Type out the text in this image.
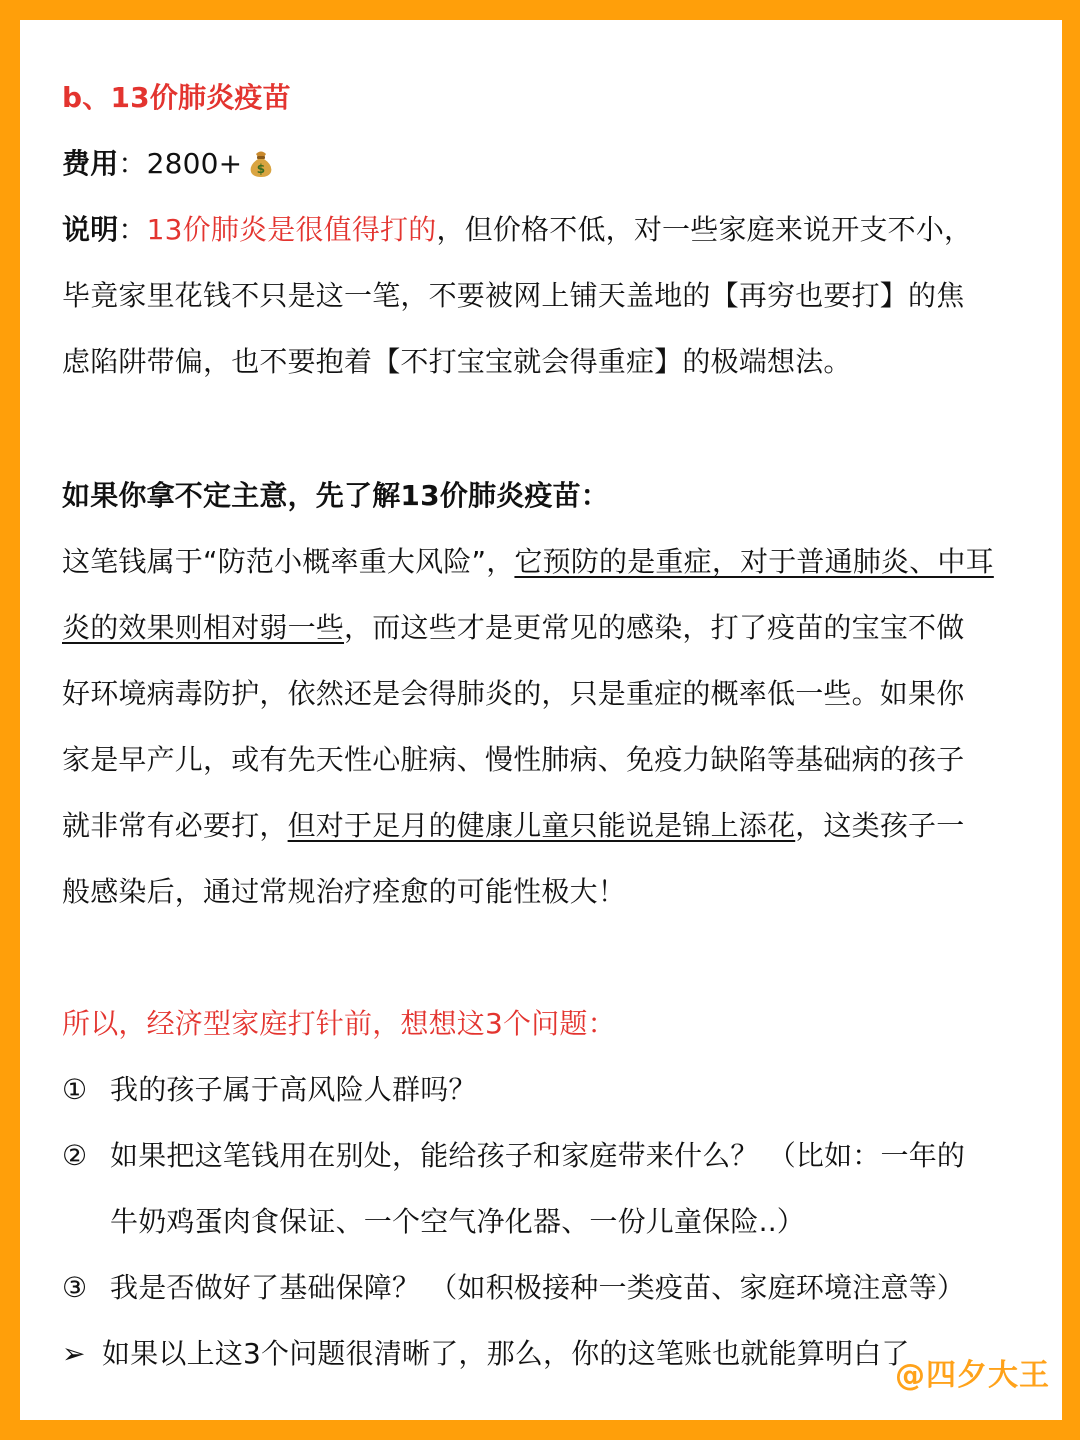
b、13价肺炎疫苗
费用：2800+ $
说明：13价肺炎是很值得打的，但价格不低，对一些家庭来说开支不小，
毕竟家里花钱不只是这一笔，不要被网上铺天盖地的【再穷也要打】的焦
虑陷阱带偏，也不要抱着【不打宝宝就会得重症】的极端想法。
如果你拿不定主意，先了解13价肺炎疫苗：
这笔钱属于“防范小概率重大风险”，它预防的是重症，对于普通肺炎、中耳
炎的效果则相对弱一些，而这些才是更常见的感染，打了疫苗的宝宝不做
好环境病毒防护，依然还是会得肺炎的，只是重症的概率低一些。如果你
家是早产儿，或有先天性心脏病、慢性肺病、免疫力缺陷等基础病的孩子
就非常有必要打，但对于足月的健康儿童只能说是锦上添花，这类孩子一
般感染后，通过常规治疗痊愈的可能性极大！
所以，经济型家庭打针前，想想这3个问题：
① 我的孩子属于高风险人群吗？
② 如果把这笔钱用在别处，能给孩子和家庭带来什么？ （比如：一年的
牛奶鸡蛋肉食保证、一个空气净化器、一份儿童保险..）
③ 我是否做好了基础保障？ （如积极接种一类疫苗、家庭环境注意等）
➢ 如果以上这3个问题很清晰了，那么，你的这笔账也就能算明白了
@四夕大王
